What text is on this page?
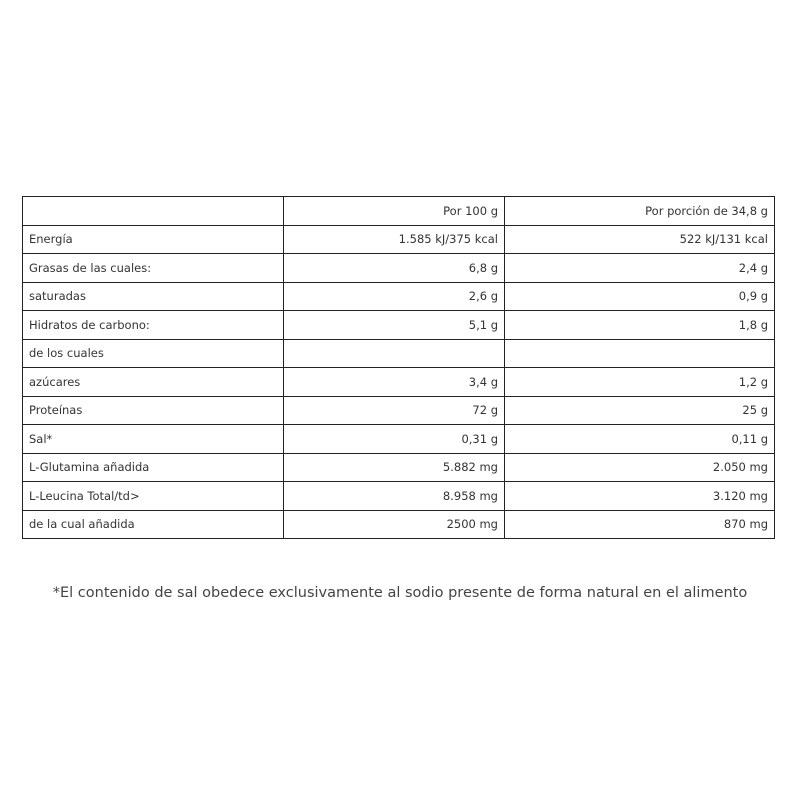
	Por 100 g	Por porción de 34,8 g
Energía	1.585 kJ/375 kcal	522 kJ/131 kcal
Grasas de las cuales:	6,8 g	2,4 g
saturadas	2,6 g	0,9 g
Hidratos de carbono:	5,1 g	1,8 g
de los cuales		
azúcares	3,4 g	1,2 g
Proteínas	72 g	25 g
Sal*	0,31 g	0,11 g
L-Glutamina añadida	5.882 mg	2.050 mg
L-Leucina Total/td>	8.958 mg	3.120 mg
de la cual añadida	2500 mg	870 mg
*El contenido de sal obedece exclusivamente al sodio presente de forma natural en el alimento
